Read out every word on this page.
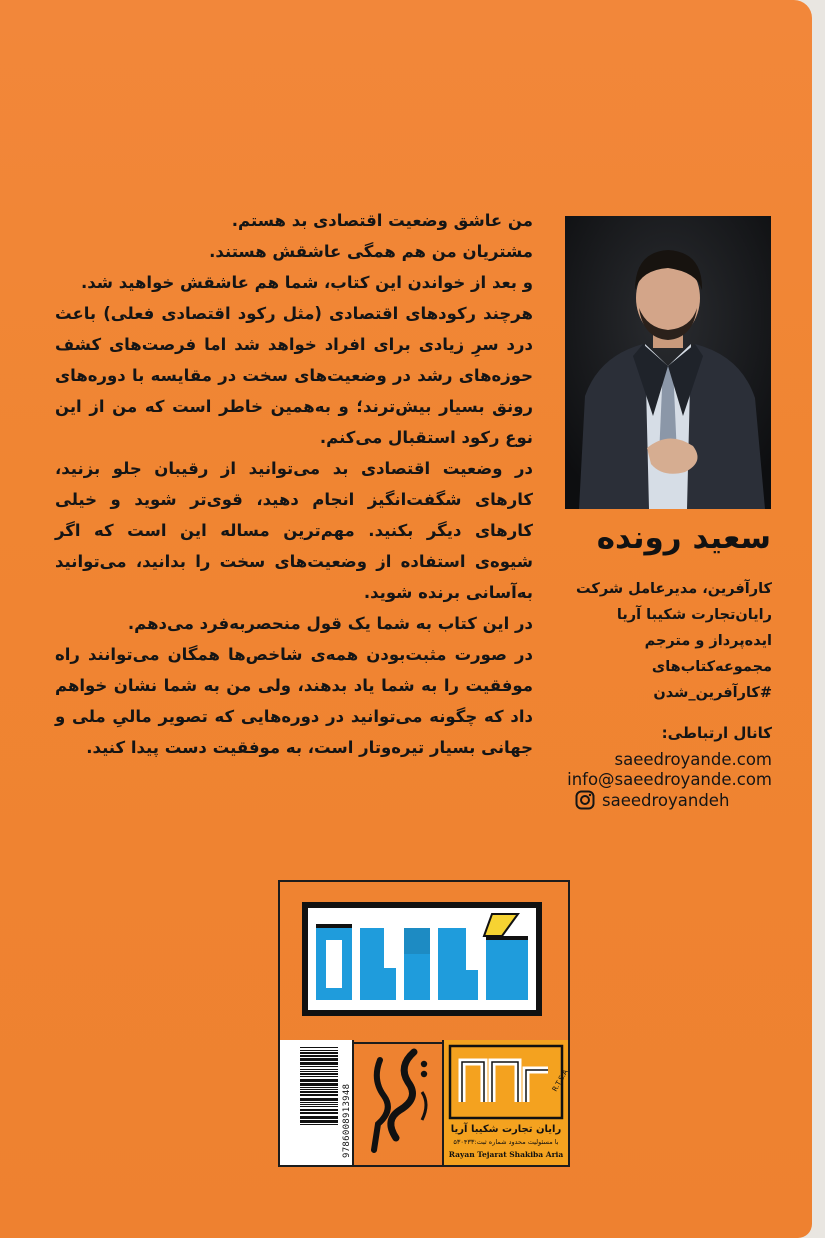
من عاشق وضعیت اقتصادی بد هستم.

مشتریان من هم همگی عاشقش هستند.

و بعد از خواندن این کتاب، شما هم عاشقش خواهید شد.

هرچند رکودهای اقتصادی (مثل رکود اقتصادی فعلی) باعث درد سرِ زیادی برای افراد خواهد شد اما فرصت‌های کشف حوزه‌های رشد در وضعیت‌های سخت در مقایسه با دوره‌های رونق بسیار بیش‌ترند؛ و به‌همین خاطر است که من از این نوع رکود استقبال می‌کنم.

در وضعیت اقتصادی بد می‌توانید از رقیبان جلو بزنید، کارهای شگفت‌انگیز انجام دهید، قوی‌تر شوید و خیلی کارهای دیگر بکنید. مهم‌ترین مساله این است که اگر شیوه‌ی استفاده از وضعیت‌های سخت را بدانید، می‌توانید به‌آسانی برنده شوید.

در این کتاب به شما یک قول منحصربه‌فرد می‌دهم.

در صورت مثبت‌بودن همه‌ی شاخص‌ها همگان می‌توانند راه موفقیت را به شما یاد بدهند، ولی من به شما نشان خواهم داد که چگونه می‌توانید در دوره‌هایی که تصویر مالیِ ملی و جهانی بسیار تیره‌وتار است، به موفقیت دست پیدا کنید.

سعید رونده
کارآفرین، مدیرعامل شرکت
رایان‌تجارت شکیبا آریا
ایده‌پرداز و مترجم
مجموعه‌کتاب‌های
#کارآفرین_شدن
کانال ارتباطی:
saeedroyande.com
info@saeedroyande.com
saeedroyandeh
9786008913948
R.T.S.A
رایان تجارت شکیبا آریا
با مسئولیت محدود شماره ثبت:۵۳۰۴۳۳
Rayan Tejarat Shakiba Aria
